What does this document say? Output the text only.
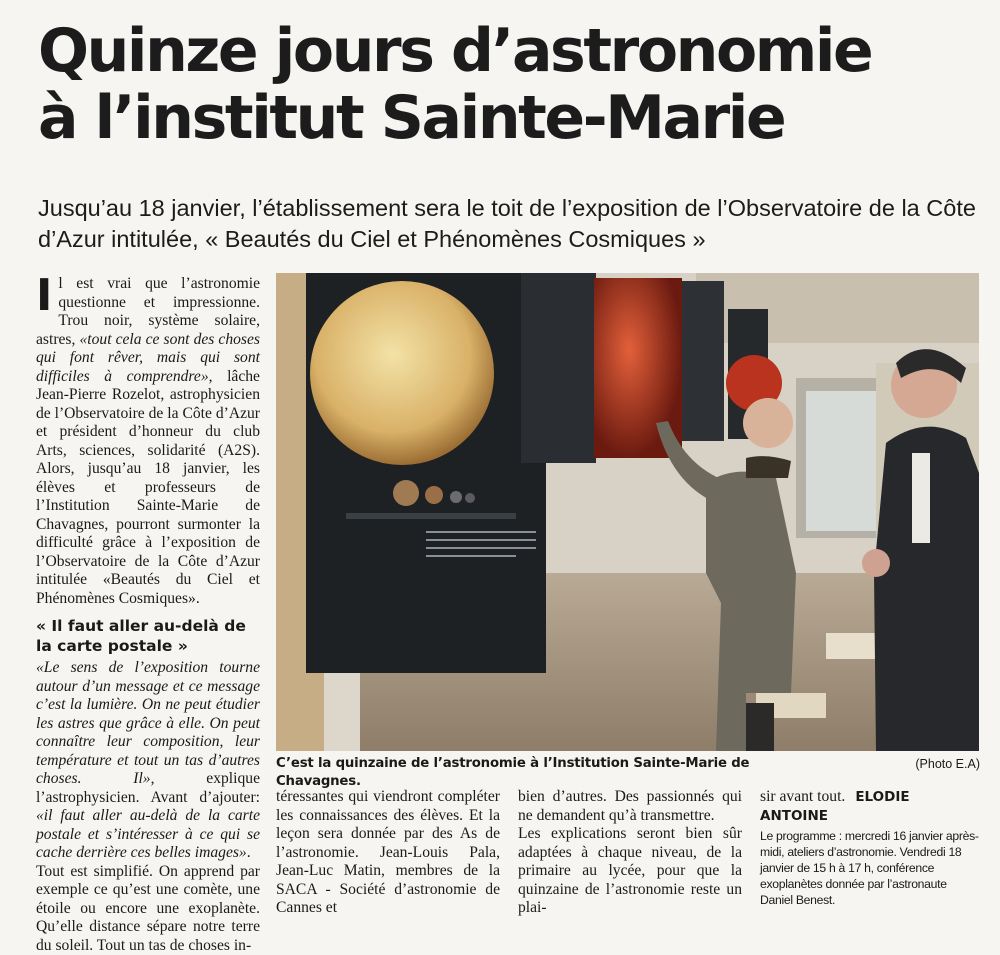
Quinze jours d’astronomie
à l’institut Sainte-Marie
Jusqu’au 18 janvier, l’établissement sera le toit de l’exposition de l’Observatoire de la Côte d’Azur intitulée, « Beautés du Ciel et Phénomènes Cosmiques »

Il est vrai que l’astronomie questionne et impressionne. Trou noir, système solaire, astres, «tout cela ce sont des choses qui font rêver, mais qui sont difficiles à comprendre», lâche Jean-Pierre Rozelot, astrophysicien de l’Observatoire de la Côte d’Azur et président d’honneur du club Arts, sciences, solidarité (A2S). Alors, jusqu’au 18 janvier, les élèves et professeurs de l’Institution Sainte-Marie de Chavagnes, pourront surmonter la difficulté grâce à l’exposition de l’Observatoire de la Côte d’Azur intitulée «Beautés du Ciel et Phénomènes Cosmiques».

« Il faut aller au-delà de la carte postale »

«Le sens de l’exposition tourne autour d’un message et ce message c’est la lumière. On ne peut étudier les astres que grâce à elle. On peut connaître leur composition, leur température et tout un tas d’autres choses. Il», explique l’astrophysicien. Avant d’ajouter: «il faut aller au-delà de la carte postale et s’intéresser à ce qui se cache derrière ces belles images».

Tout est simplifié. On apprend par exemple ce qu’est une comète, une étoile ou encore une exoplanète. Qu’elle distance sépare notre terre du soleil. Tout un tas de choses in-

C’est la quinzaine de l’astronomie à l’Institution Sainte-Marie de Chavagnes.
(Photo E.A)

téressantes qui viendront compléter les connaissances des élèves. Et la leçon sera donnée par des As de l’astronomie. Jean-Louis Pala, Jean-Luc Matin, membres de la SACA - Société d’astronomie de Cannes et

bien d’autres. Des passionnés qui ne demandent qu’à transmettre.

Les explications seront bien sûr adaptées à chaque niveau, de la primaire au lycée, pour que la quinzaine de l’astronomie reste un plai-

sir avant tout. ELODIE ANTOINE

Le programme : mercredi 16 janvier après-midi, ateliers d’astronomie. Vendredi 18 janvier de 15 h à 17 h, conférence exoplanètes donnée par l’astronaute Daniel Benest.
